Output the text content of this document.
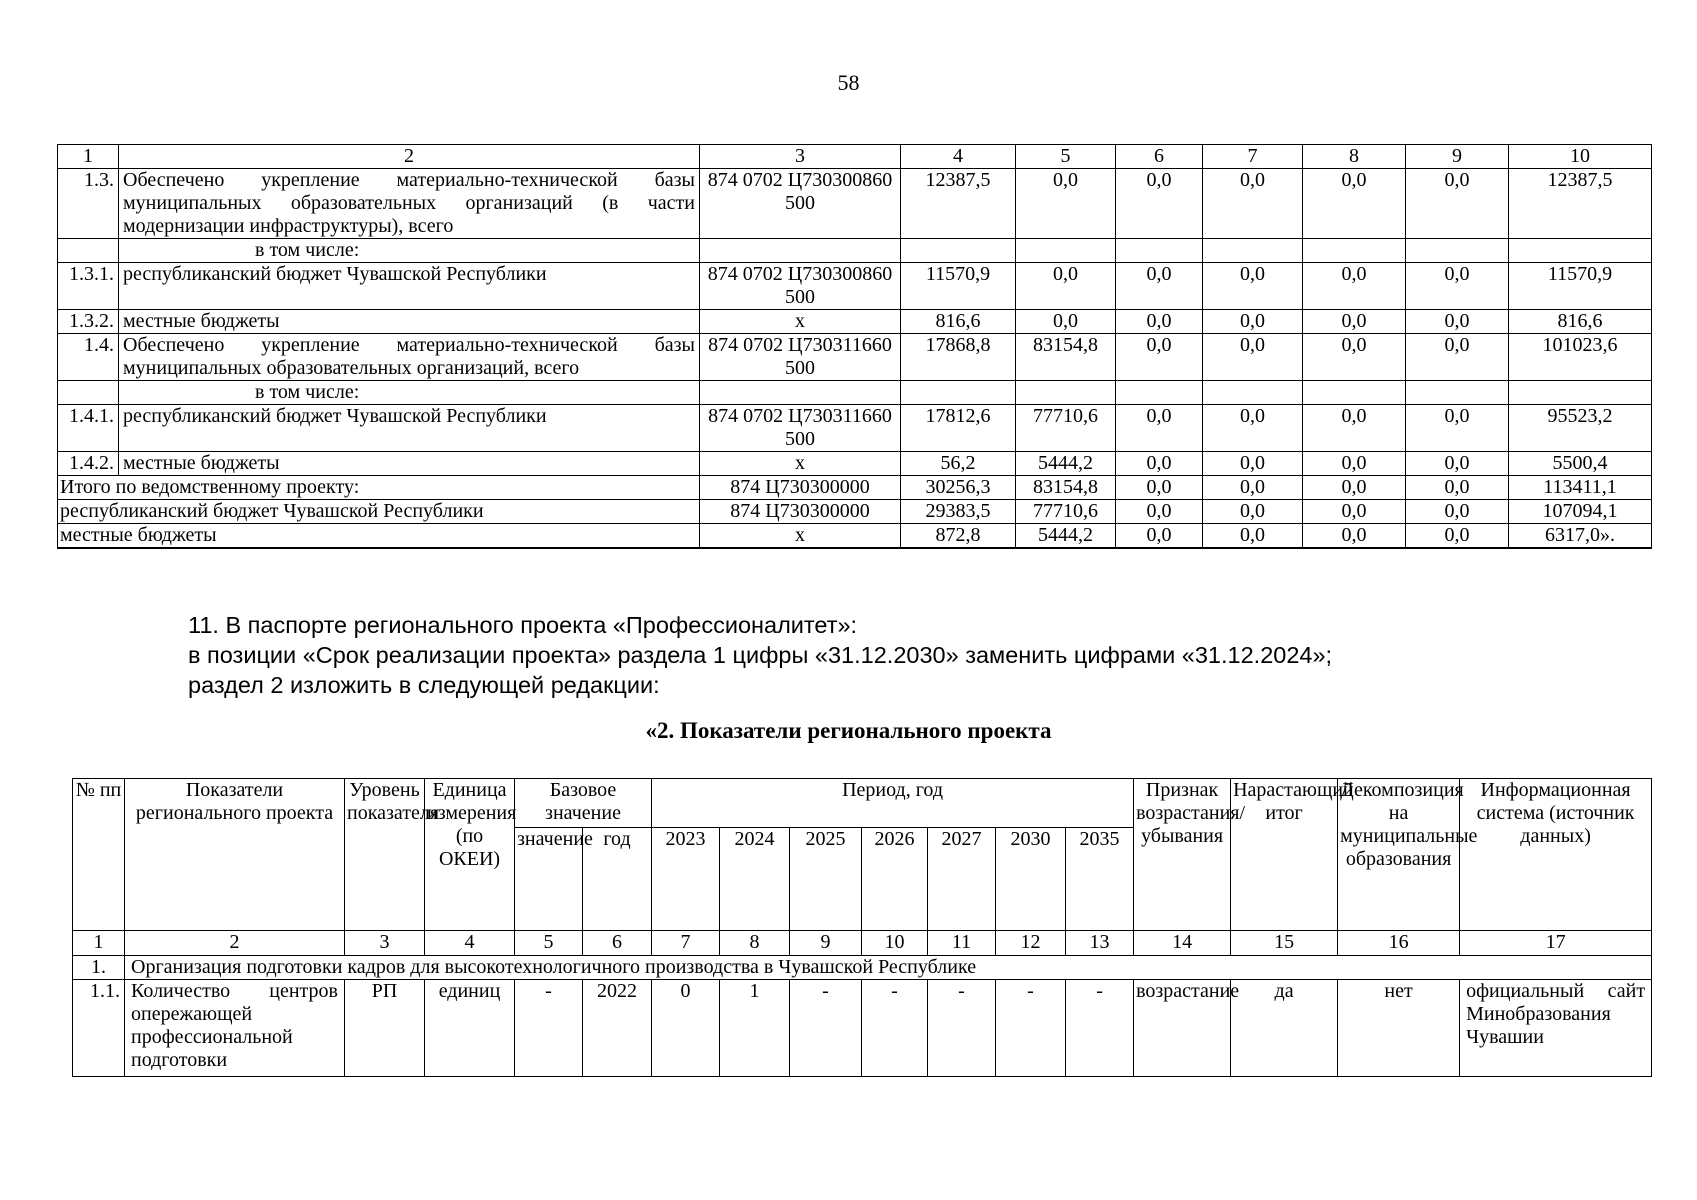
58
1	2	3	4	5	6	7	8	9	10
1.3.	Обеспечено укрепление материально-технической базы муниципальных образовательных организаций (в части модернизации инфраструктуры), всего	874 0702 Ц730300860 500	12387,5	0,0	0,0	0,0	0,0	0,0	12387,5
	в том числе:								
1.3.1.	республиканский бюджет Чувашской Республики	874 0702 Ц730300860 500	11570,9	0,0	0,0	0,0	0,0	0,0	11570,9
1.3.2.	местные бюджеты	х	816,6	0,0	0,0	0,0	0,0	0,0	816,6
1.4.	Обеспечено укрепление материально-технической базы муниципальных образовательных организаций, всего	874 0702 Ц730311660 500	17868,8	83154,8	0,0	0,0	0,0	0,0	101023,6
	в том числе:								
1.4.1.	республиканский бюджет Чувашской Республики	874 0702 Ц730311660 500	17812,6	77710,6	0,0	0,0	0,0	0,0	95523,2
1.4.2.	местные бюджеты	х	56,2	5444,2	0,0	0,0	0,0	0,0	5500,4
Итого по ведомственному проекту:		874 Ц730300000	30256,3	83154,8	0,0	0,0	0,0	0,0	113411,1
республиканский бюджет Чувашской Республики		874 Ц730300000	29383,5	77710,6	0,0	0,0	0,0	0,0	107094,1
местные бюджеты		х	872,8	5444,2	0,0	0,0	0,0	0,0	6317,0».
11. В паспорте регионального проекта «Профессионалитет»:
в позиции «Срок реализации проекта» раздела 1 цифры «31.12.2030» заменить цифрами «31.12.2024»;
раздел 2 изложить в следующей редакции:
«2. Показатели регионального проекта
№ пп	Показатели регионального проекта	Уровень показателя	Единица измерения (по ОКЕИ)	Базовое значение		Период, год							Признак возрастания/убывания	Нарастающий итог	Декомпозиция на муниципальные образования	Информационная система (источник данных)
				значение	год	2023	2024	2025	2026	2027	2030	2035				
1	2	3	4	5	6	7	8	9	10	11	12	13	14	15	16	17
1.	Организация подготовки кадров для высокотехнологичного производства в Чувашской Республике															
1.1.	Количество центров опережающей профессиональной подготовки	РП	единиц	-	2022	0	1	-	-	-	-	-	возрастание	да	нет	официальный сайт Минобразования Чувашии
